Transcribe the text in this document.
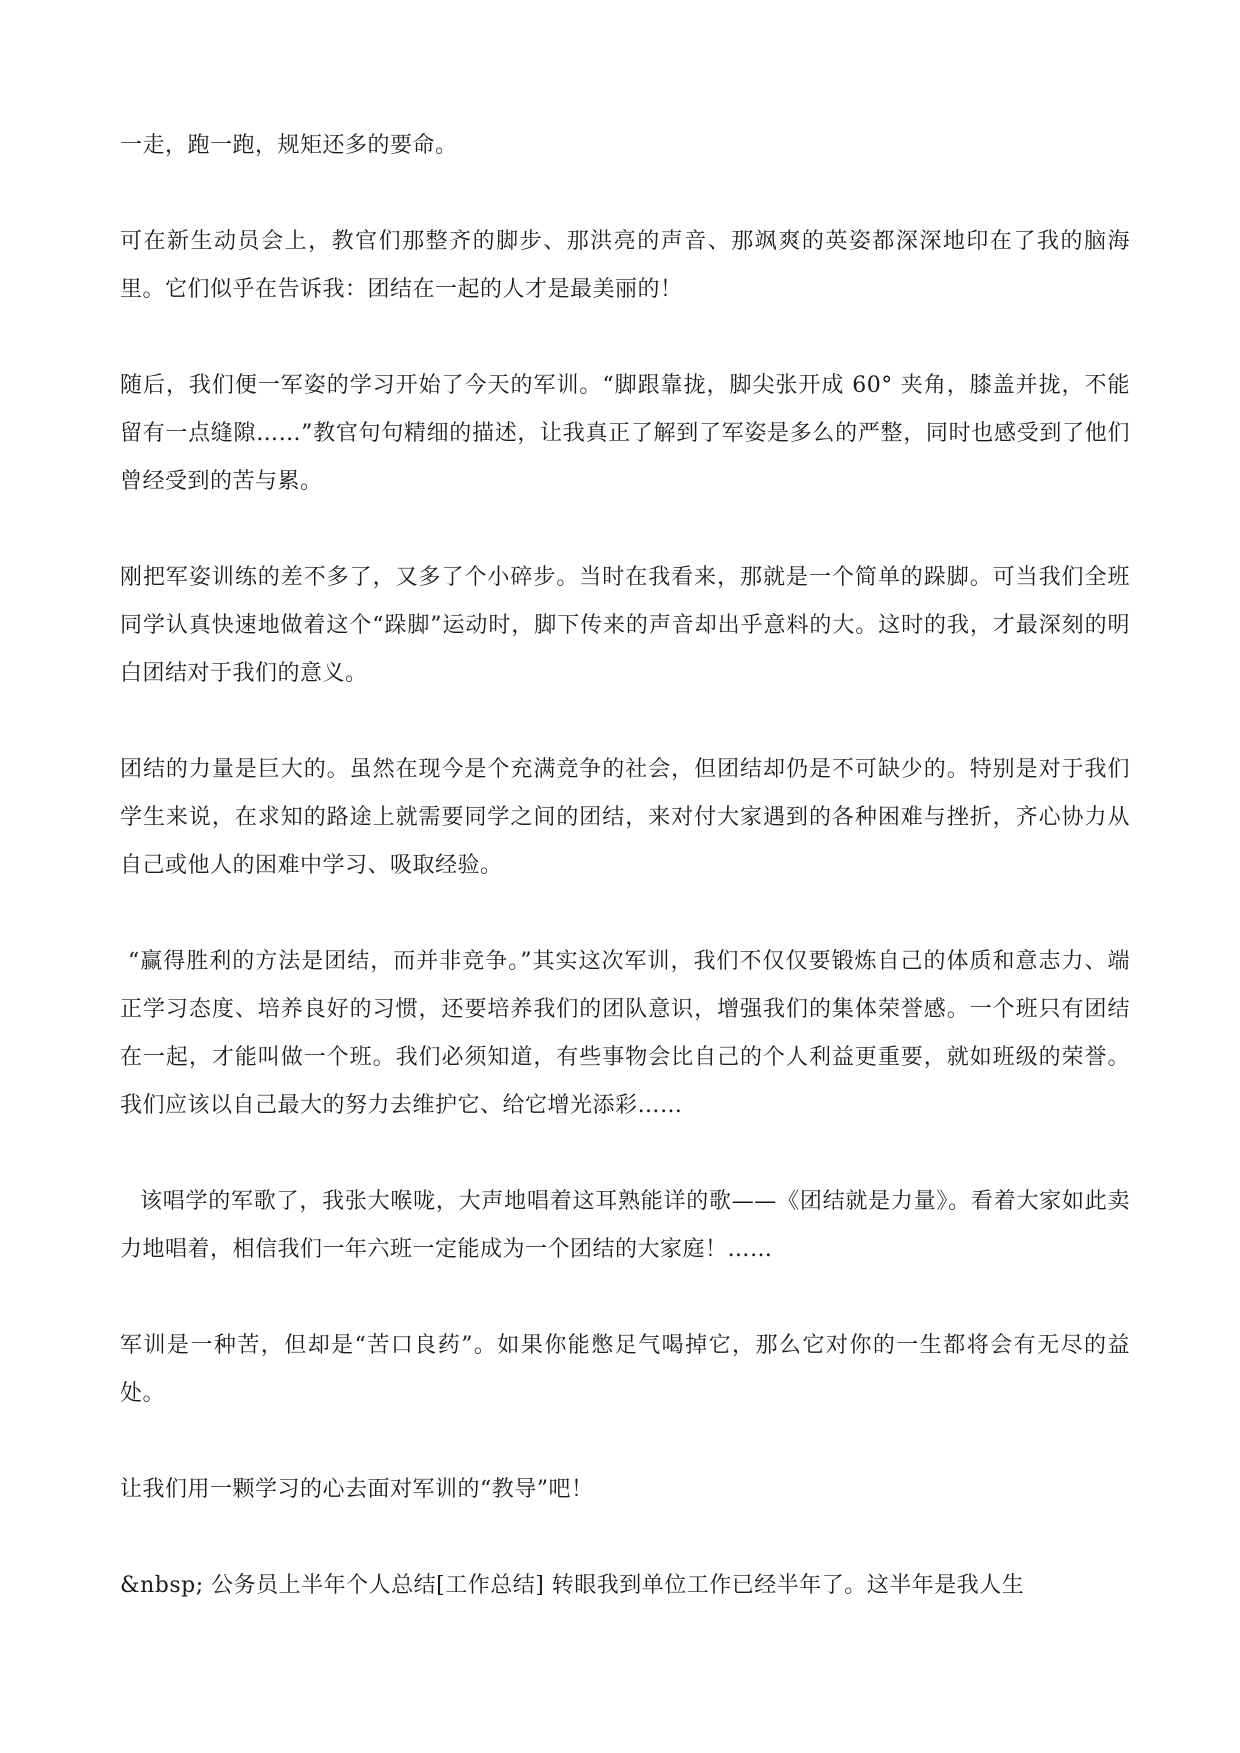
一走，跑一跑，规矩还多的要命。

可在新生动员会上，教官们那整齐的脚步、那洪亮的声音、那飒爽的英姿都深深地印在了我的脑海里。它们似乎在告诉我：团结在一起的人才是最美丽的！

随后，我们便一军姿的学习开始了今天的军训。“脚跟靠拢，脚尖张开成 60° 夹角，膝盖并拢，不能留有一点缝隙……”教官句句精细的描述，让我真正了解到了军姿是多么的严整，同时也感受到了他们曾经受到的苦与累。

刚把军姿训练的差不多了，又多了个小碎步。当时在我看来，那就是一个简单的跺脚。可当我们全班同学认真快速地做着这个“跺脚”运动时，脚下传来的声音却出乎意料的大。这时的我，才最深刻的明白团结对于我们的意义。

团结的力量是巨大的。虽然在现今是个充满竞争的社会，但团结却仍是不可缺少的。特别是对于我们学生来说，在求知的路途上就需要同学之间的团结，来对付大家遇到的各种困难与挫折，齐心协力从自己或他人的困难中学习、吸取经验。

“赢得胜利的方法是团结，而并非竞争。”其实这次军训，我们不仅仅要锻炼自己的体质和意志力、端正学习态度、培养良好的习惯，还要培养我们的团队意识，增强我们的集体荣誉感。一个班只有团结在一起，才能叫做一个班。我们必须知道，有些事物会比自己的个人利益更重要，就如班级的荣誉。我们应该以自己最大的努力去维护它、给它增光添彩……

该唱学的军歌了，我张大喉咙，大声地唱着这耳熟能详的歌——《团结就是力量》。看着大家如此卖力地唱着，相信我们一年六班一定能成为一个团结的大家庭！……

军训是一种苦，但却是“苦口良药”。如果你能憋足气喝掉它，那么它对你的一生都将会有无尽的益处。

让我们用一颗学习的心去面对军训的“教导”吧！

&nbsp; 公务员上半年个人总结[工作总结] 转眼我到单位工作已经半年了。这半年是我人生
